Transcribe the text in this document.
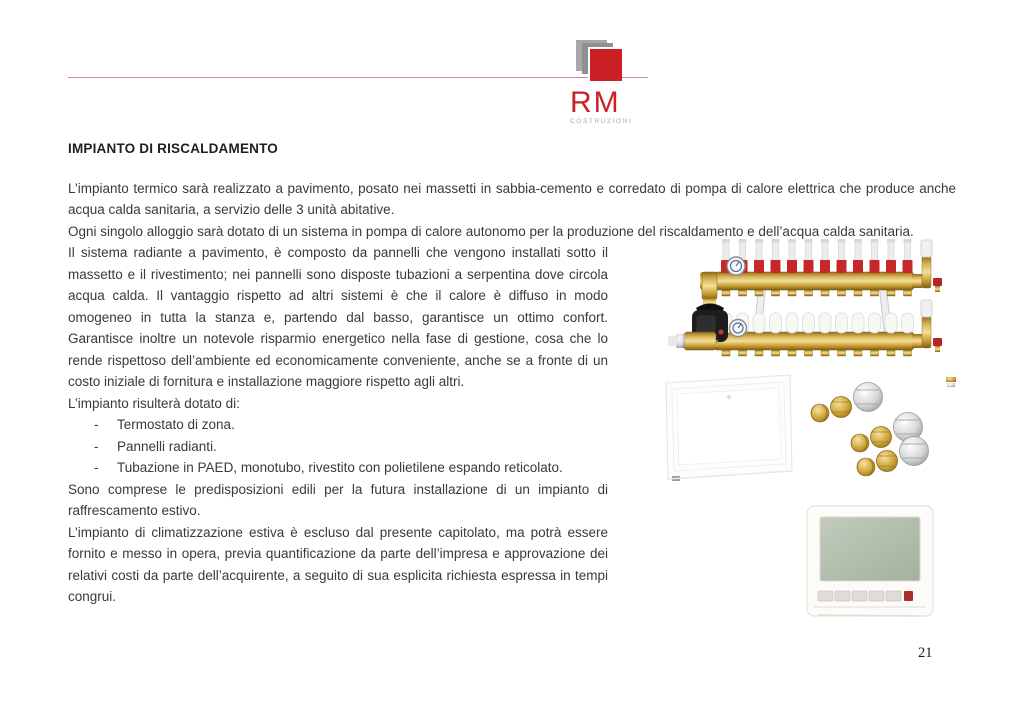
RM
COSTRUZIONI
IMPIANTO DI RISCALDAMENTO

L’impianto termico sarà realizzato a pavimento, posato nei massetti in sabbia-cemento e corredato di pompa di calore elettrica che produce anche acqua calda sanitaria, a servizio delle 3 unità abitative.

Ogni singolo alloggio sarà dotato di un sistema in pompa di calore autonomo per la produzione del riscaldamento e dell’acqua calda sanitaria.

Il sistema radiante a pavimento, è composto da pannelli che vengono installati sotto il massetto e il rivestimento; nei pannelli sono disposte tubazioni a serpentina dove circola acqua calda. Il vantaggio rispetto ad altri sistemi è che il calore è diffuso in modo omogeneo in tutta la stanza e, partendo dal basso, garantisce un ottimo confort. Garantisce inoltre un notevole risparmio energetico nella fase di gestione, cosa che lo rende rispettoso dell’ambiente ed economicamente conveniente, anche se a fronte di un costo iniziale di fornitura e installazione maggiore rispetto agli altri.

L’impianto risulterà dotato di:

- Termostato di zona.
- Pannelli radianti.
- Tubazione in PAED, monotubo, rivestito con polietilene espando reticolato.

Sono comprese le predisposizioni edili per la futura installazione di un impianto di raffrescamento estivo.

L’impianto di climatizzazione estiva è escluso dal presente capitolato, ma potrà essere fornito e messo in opera, previa quantificazione da parte dell’impresa e approvazione dei relativi costi da parte dell’acquirente, a seguito di sua esplicita richiesta espressa in tempi congrui.

21
